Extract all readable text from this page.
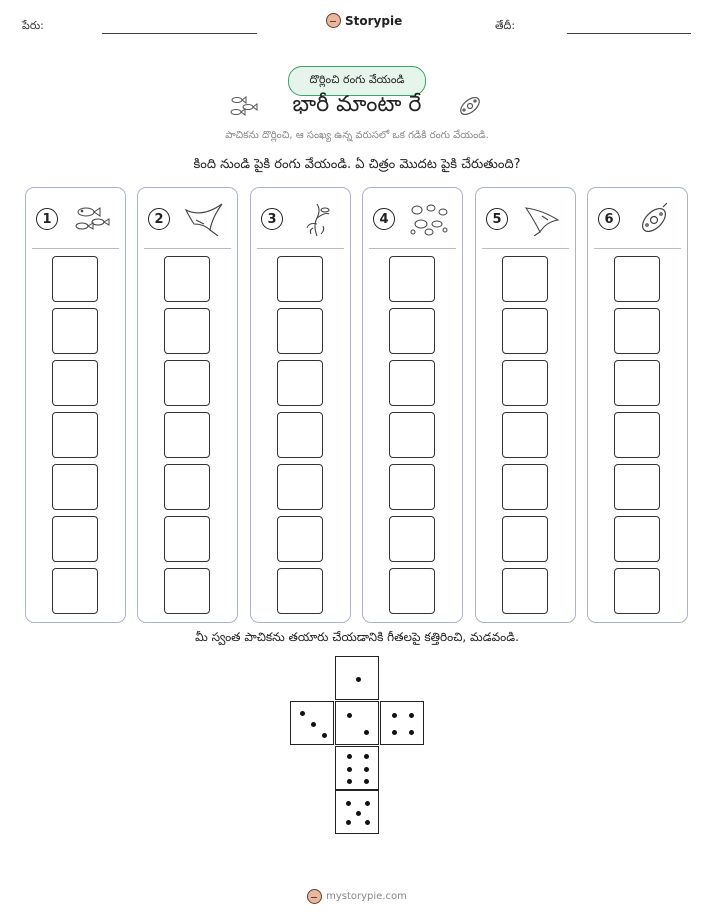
పేరు:	Storypie	తేదీ:
దొర్లించి రంగు వేయండి
భారీ మాంటా రే
పాచికను దొర్లించి, ఆ సంఖ్య ఉన్న వరుసలో ఒక గడికి రంగు వేయండి.
కింది నుండి పైకి రంగు వేయండి. ఏ చిత్రం మొదట పైకి చేరుతుంది?
1	2	3	4	5	6
మీ స్వంత పాచికను తయారు చేయడానికి గీతలపై కత్తిరించి, మడవండి.
mystorypie.com
